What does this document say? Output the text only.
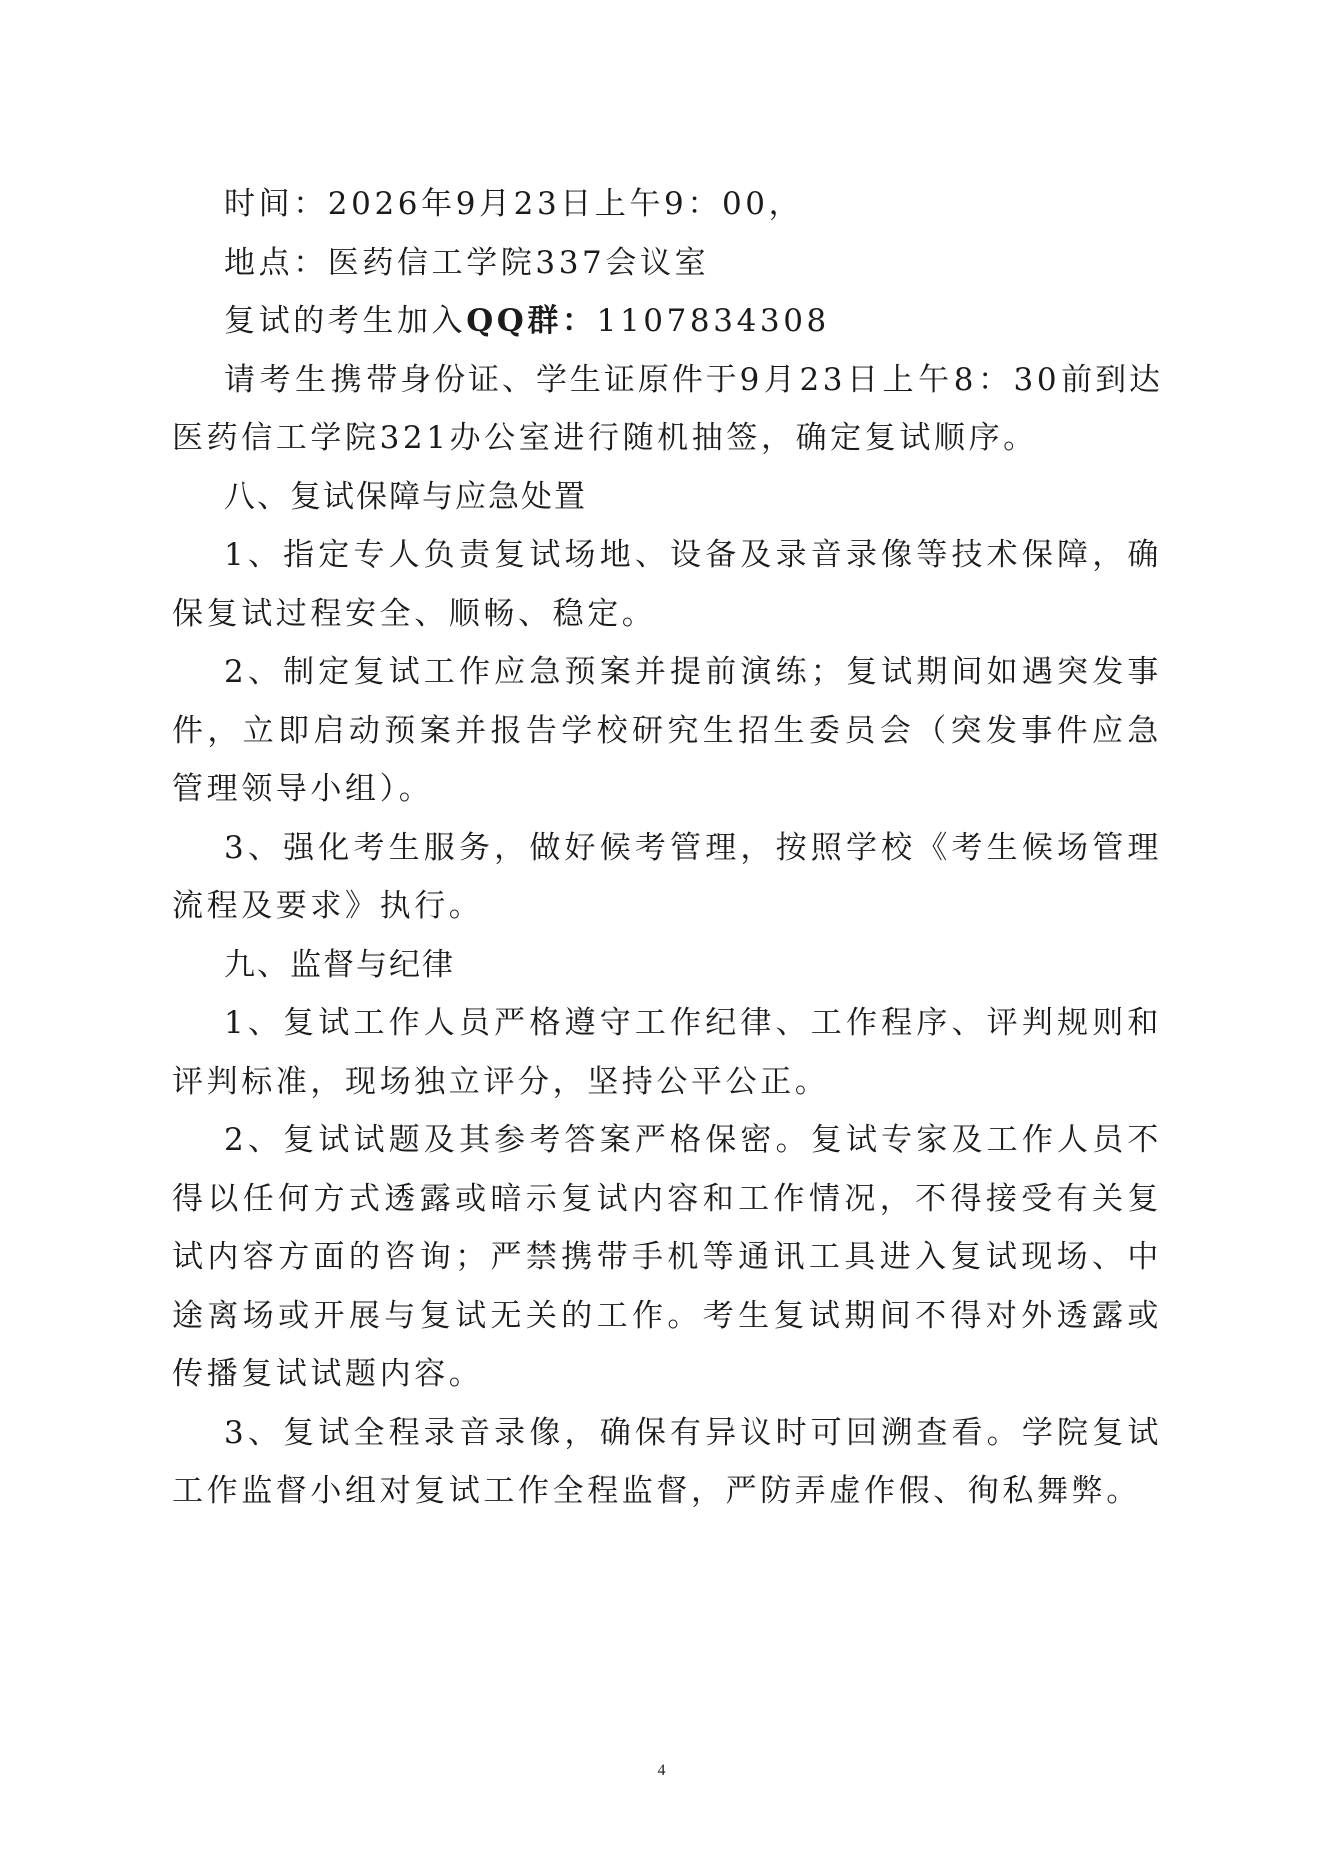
时间：2026年9月23日上午9：00，

地点：医药信工学院337会议室

复试的考生加入QQ群：1107834308

请考生携带身份证、学生证原件于9月23日上午8：30前到达医药信工学院321办公室进行随机抽签，确定复试顺序。

八、复试保障与应急处置

1、指定专人负责复试场地、设备及录音录像等技术保障，确保复试过程安全、顺畅、稳定。

2、制定复试工作应急预案并提前演练；复试期间如遇突发事件，立即启动预案并报告学校研究生招生委员会（突发事件应急管理领导小组）。

3、强化考生服务，做好候考管理，按照学校《考生候场管理流程及要求》执行。

九、监督与纪律

1、复试工作人员严格遵守工作纪律、工作程序、评判规则和评判标准，现场独立评分，坚持公平公正。

2、复试试题及其参考答案严格保密。复试专家及工作人员不得以任何方式透露或暗示复试内容和工作情况，不得接受有关复试内容方面的咨询；严禁携带手机等通讯工具进入复试现场、中途离场或开展与复试无关的工作。考生复试期间不得对外透露或传播复试试题内容。

3、复试全程录音录像，确保有异议时可回溯查看。学院复试工作监督小组对复试工作全程监督，严防弄虚作假、徇私舞弊。

4
